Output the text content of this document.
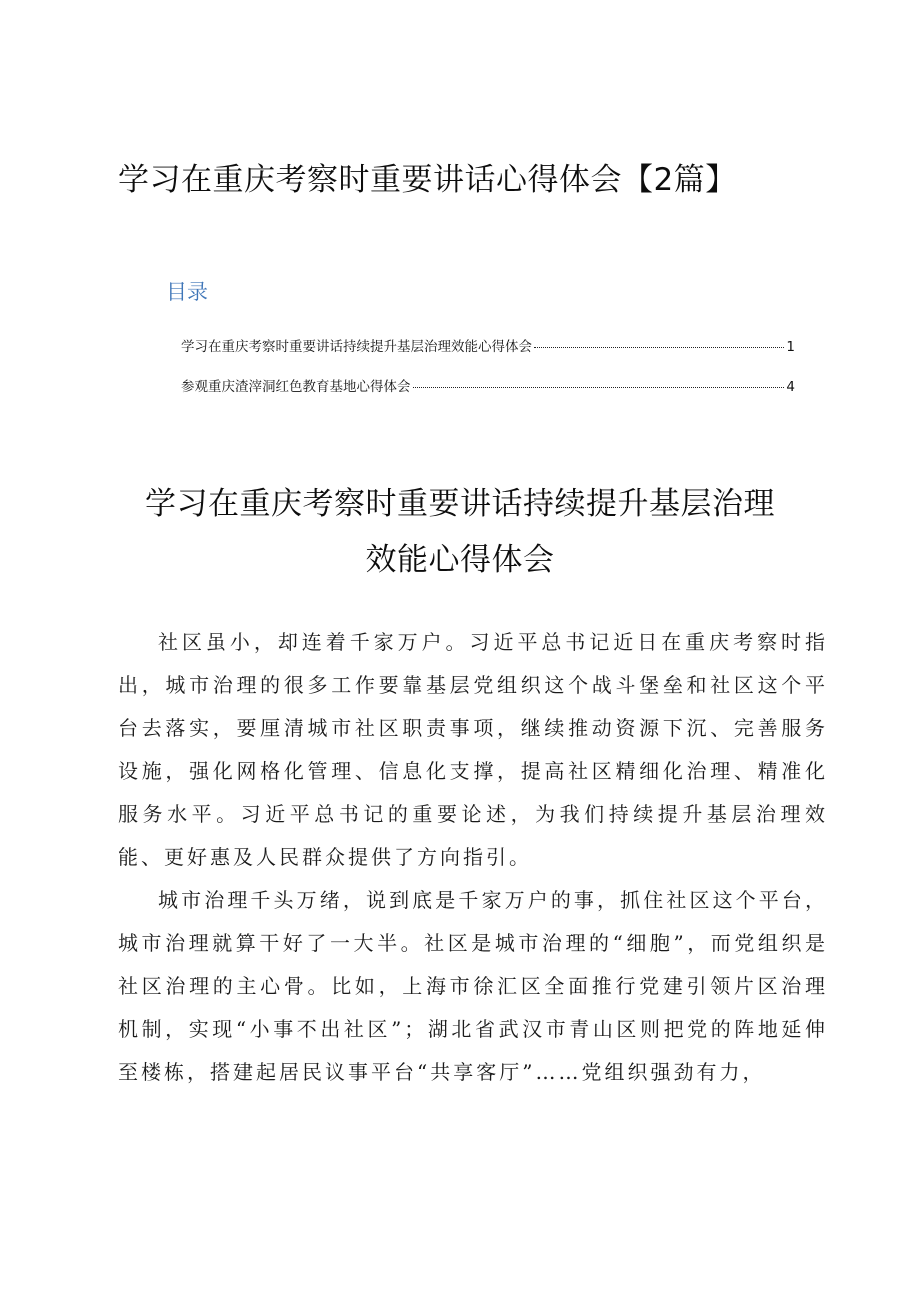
学习在重庆考察时重要讲话心得体会【2篇】
目录
学习在重庆考察时重要讲话持续提升基层治理效能心得体会	1
参观重庆渣滓洞红色教育基地心得体会	4
学习在重庆考察时重要讲话持续提升基层治理
效能心得体会

社区虽小，却连着千家万户。习近平总书记近日在重庆考察时指出，城市治理的很多工作要靠基层党组织这个战斗堡垒和社区这个平台去落实，要厘清城市社区职责事项，继续推动资源下沉、完善服务设施，强化网格化管理、信息化支撑，提高社区精细化治理、精准化服务水平。习近平总书记的重要论述，为我们持续提升基层治理效能、更好惠及人民群众提供了方向指引。

城市治理千头万绪，说到底是千家万户的事，抓住社区这个平台，城市治理就算干好了一大半。社区是城市治理的“细胞”，而党组织是社区治理的主心骨。比如，上海市徐汇区全面推行党建引领片区治理机制，实现“小事不出社区”；湖北省武汉市青山区则把党的阵地延伸至楼栋，搭建起居民议事平台“共享客厅”……党组织强劲有力，
